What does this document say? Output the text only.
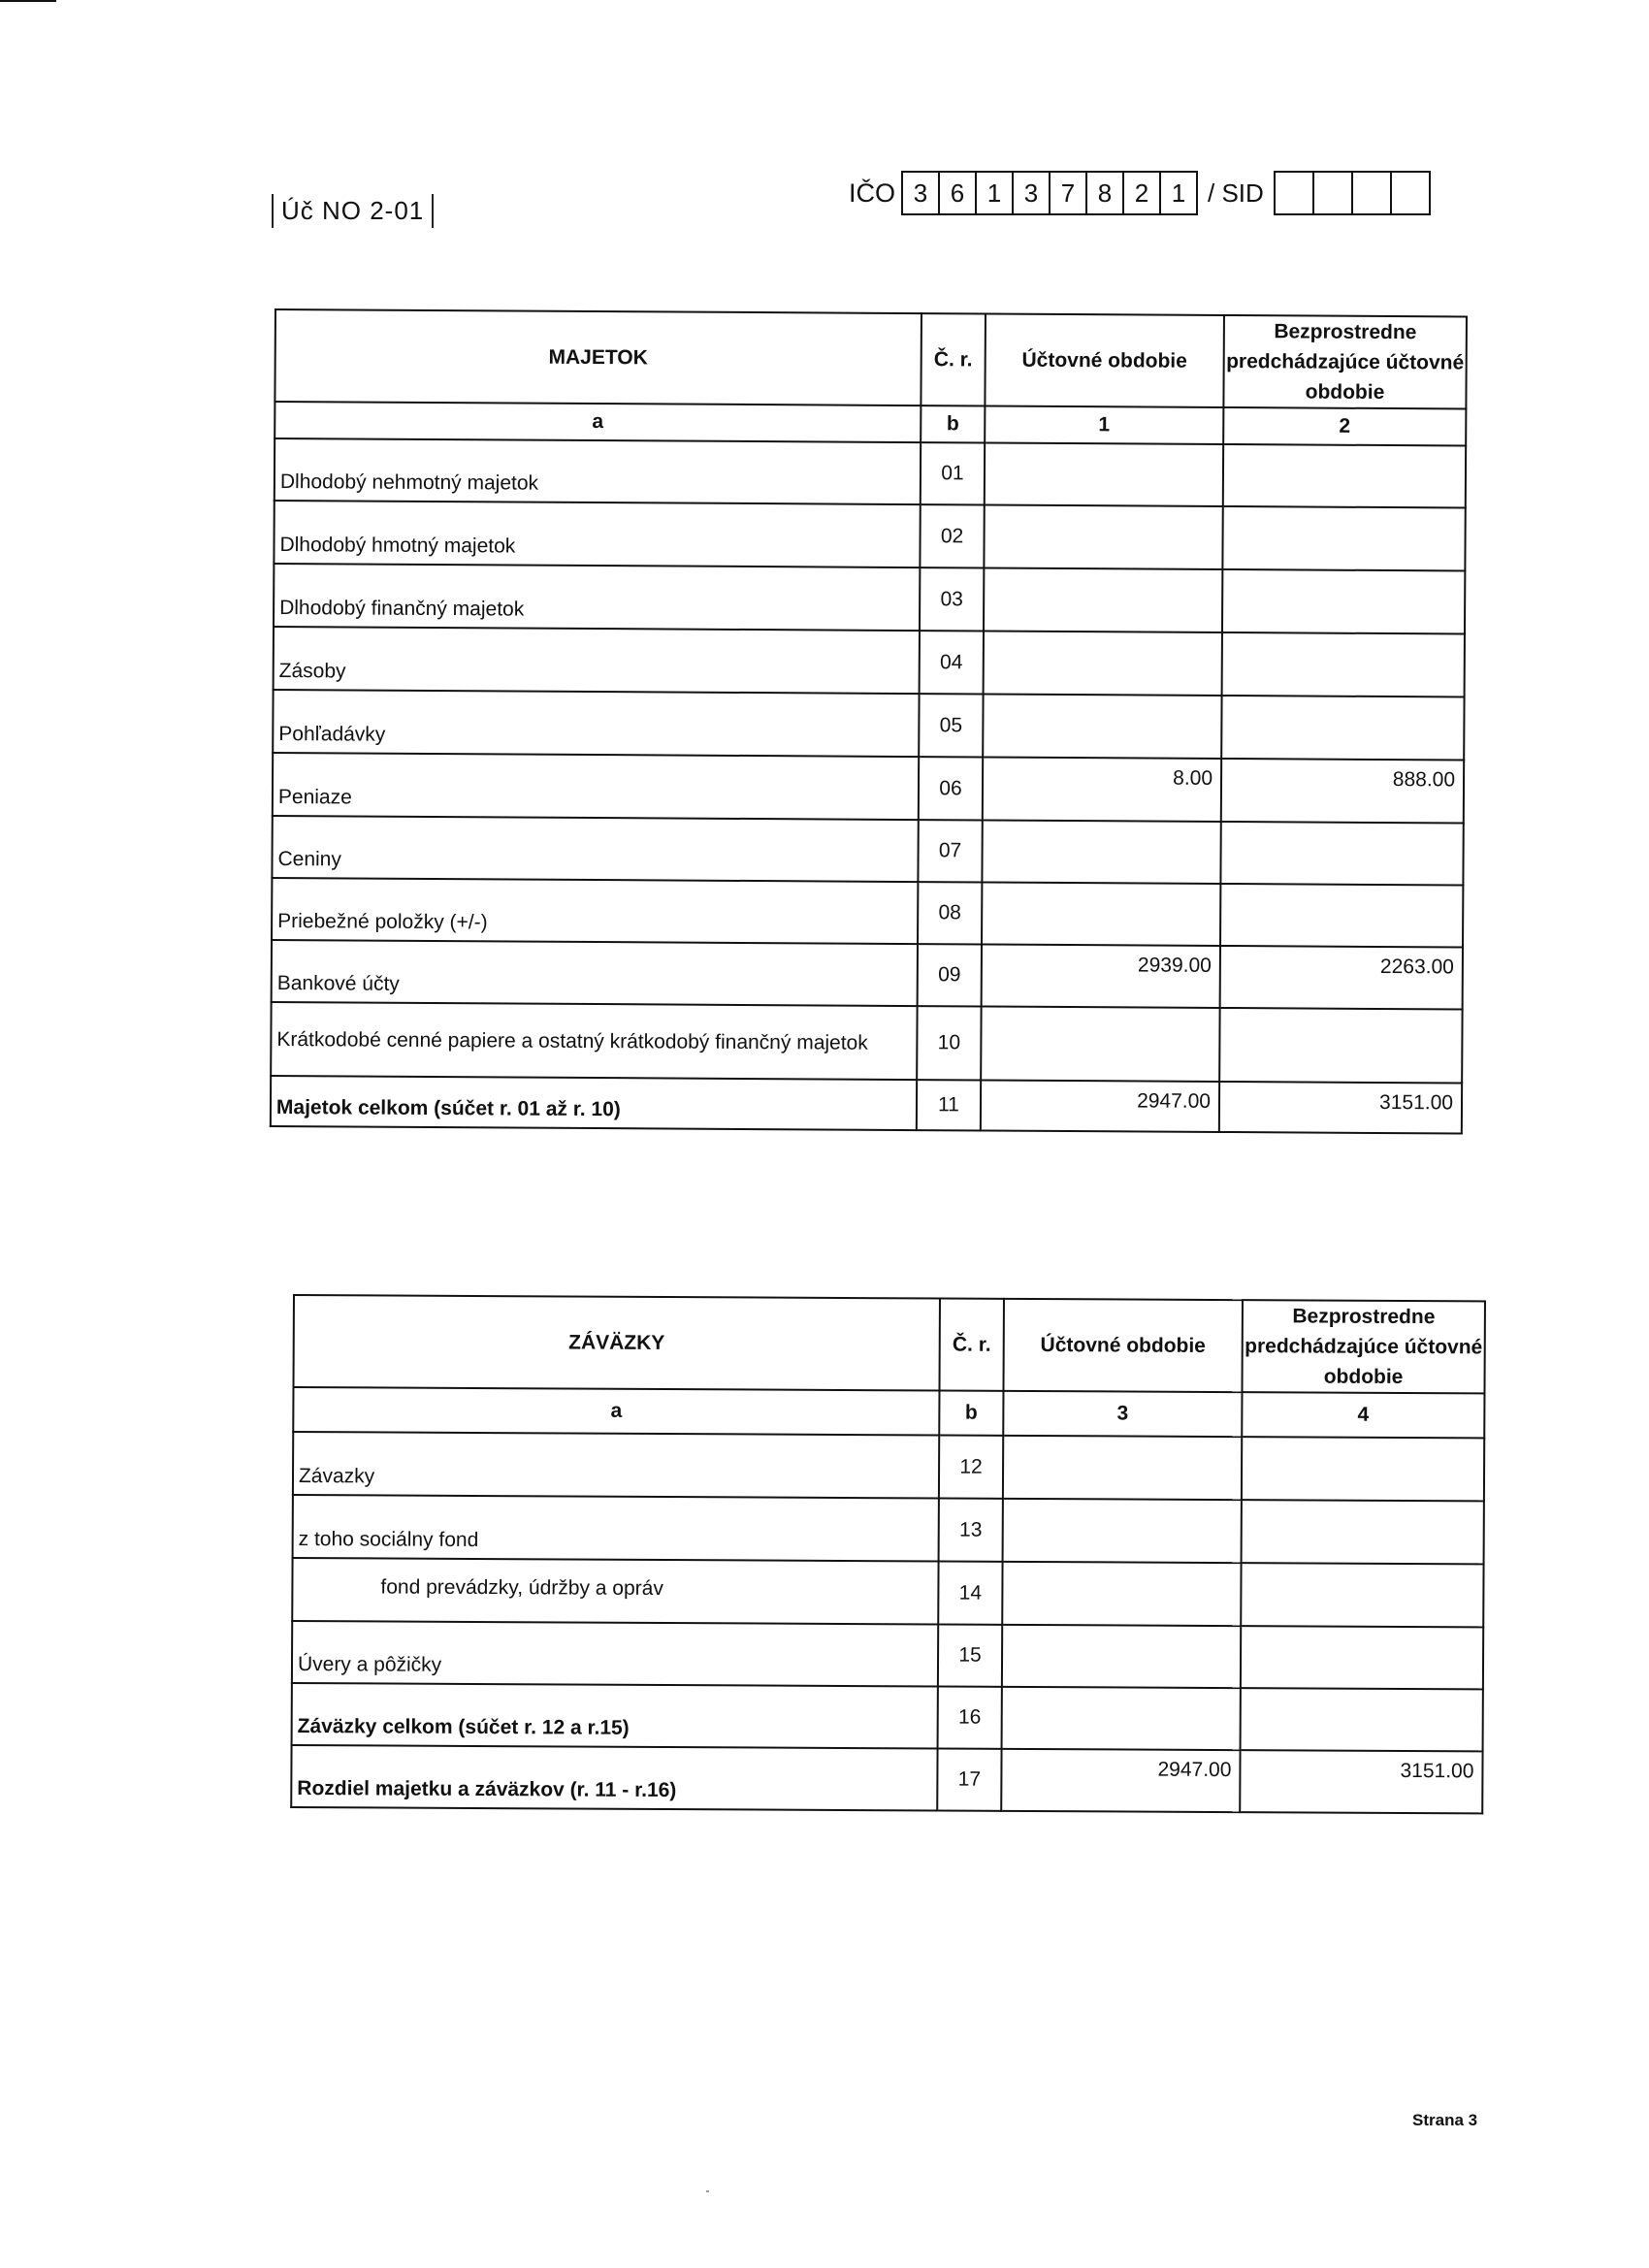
Úč NO 2-01
IČO 3 6 1 3 7 8 2 1 / SID
MAJETOK	Č. r.	Účtovné obdobie	Bezprostredne predchádzajúce účtovné obdobie
a	b	1	2
Dlhodobý nehmotný majetok	01		
Dlhodobý hmotný majetok	02		
Dlhodobý finančný majetok	03		
Zásoby	04		
Pohľadávky	05		
Peniaze	06	8.00	888.00
Ceniny	07		
Priebežné položky (+/-)	08		
Bankové účty	09	2939.00	2263.00
Krátkodobé cenné papiere a ostatný krátkodobý finančný majetok	10		
Majetok celkom (súčet r. 01 až r. 10)	11	2947.00	3151.00
ZÁVÄZKY	Č. r.	Účtovné obdobie	Bezprostredne predchádzajúce účtovné obdobie
a	b	3	4
Závazky	12		
z toho sociálny fond	13		
fond prevádzky, údržby a opráv	14		
Úvery a pôžičky	15		
Záväzky celkom (súčet r. 12 a r.15)	16		
Rozdiel majetku a záväzkov (r. 11 - r.16)	17	2947.00	3151.00
Strana 3
